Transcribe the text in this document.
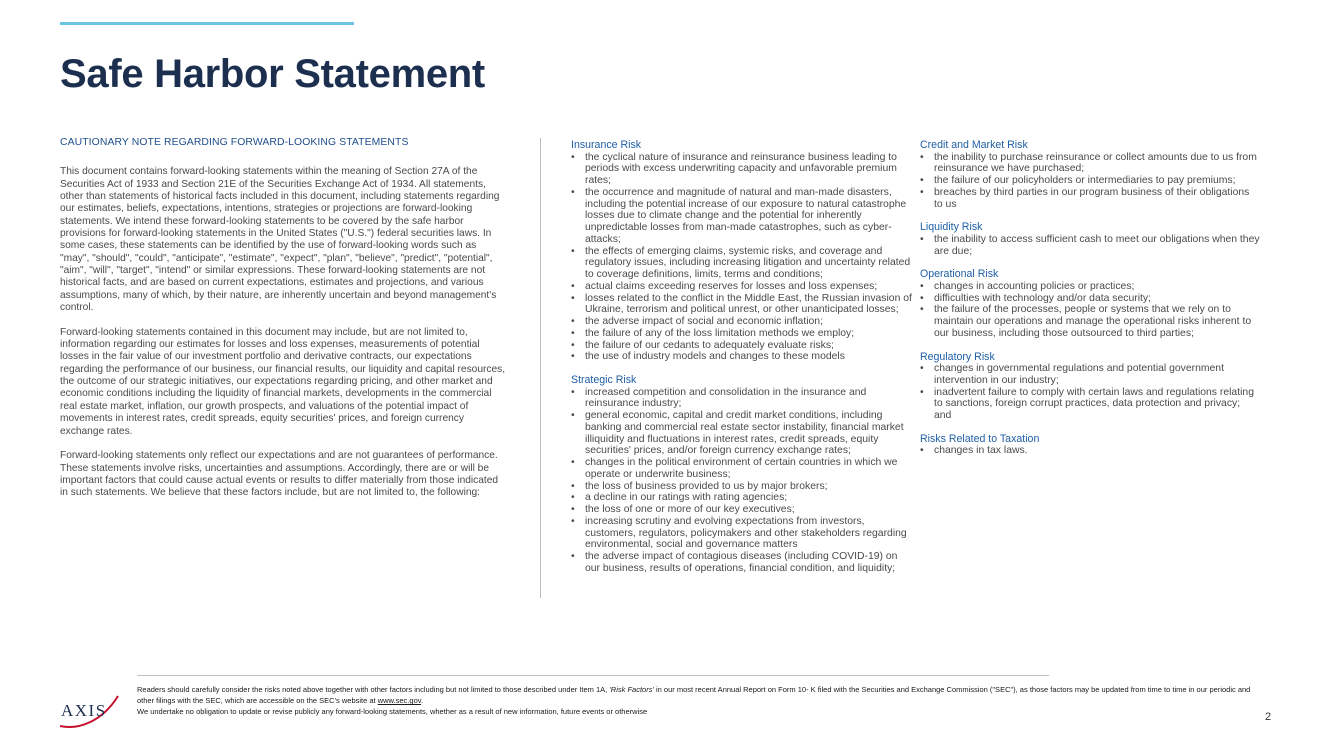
Safe Harbor Statement
CAUTIONARY NOTE REGARDING FORWARD-LOOKING STATEMENTS

This document contains forward-looking statements within the meaning of Section 27A of the Securities Act of 1933 and Section 21E of the Securities Exchange Act of 1934. All statements, other than statements of historical facts included in this document, including statements regarding our estimates, beliefs, expectations, intentions, strategies or projections are forward-looking statements. We intend these forward-looking statements to be covered by the safe harbor provisions for forward-looking statements in the United States ("U.S.") federal securities laws. In some cases, these statements can be identified by the use of forward-looking words such as "may", "should", "could", "anticipate", "estimate", "expect", "plan", "believe", "predict", "potential", "aim", "will", "target", "intend" or similar expressions. These forward-looking statements are not historical facts, and are based on current expectations, estimates and projections, and various assumptions, many of which, by their nature, are inherently uncertain and beyond management's control.

Forward-looking statements contained in this document may include, but are not limited to, information regarding our estimates for losses and loss expenses, measurements of potential losses in the fair value of our investment portfolio and derivative contracts, our expectations regarding the performance of our business, our financial results, our liquidity and capital resources, the outcome of our strategic initiatives, our expectations regarding pricing, and other market and economic conditions including the liquidity of financial markets, developments in the commercial real estate market, inflation, our growth prospects, and valuations of the potential impact of movements in interest rates, credit spreads, equity securities' prices, and foreign currency exchange rates.

Forward-looking statements only reflect our expectations and are not guarantees of performance. These statements involve risks, uncertainties and assumptions. Accordingly, there are or will be important factors that could cause actual events or results to differ materially from those indicated in such statements. We believe that these factors include, but are not limited to, the following:

Insurance Risk
• the cyclical nature of insurance and reinsurance business leading to periods with excess underwriting capacity and unfavorable premium rates;
• the occurrence and magnitude of natural and man-made disasters, including the potential increase of our exposure to natural catastrophe losses due to climate change and the potential for inherently unpredictable losses from man-made catastrophes, such as cyber-attacks;
• the effects of emerging claims, systemic risks, and coverage and regulatory issues, including increasing litigation and uncertainty related to coverage definitions, limits, terms and conditions;
• actual claims exceeding reserves for losses and loss expenses;
• losses related to the conflict in the Middle East, the Russian invasion of Ukraine, terrorism and political unrest, or other unanticipated losses;
• the adverse impact of social and economic inflation;
• the failure of any of the loss limitation methods we employ;
• the failure of our cedants to adequately evaluate risks;
• the use of industry models and changes to these models
Strategic Risk
• increased competition and consolidation in the insurance and reinsurance industry;
• general economic, capital and credit market conditions, including banking and commercial real estate sector instability, financial market illiquidity and fluctuations in interest rates, credit spreads, equity securities' prices, and/or foreign currency exchange rates;
• changes in the political environment of certain countries in which we operate or underwrite business;
• the loss of business provided to us by major brokers;
• a decline in our ratings with rating agencies;
• the loss of one or more of our key executives;
• increasing scrutiny and evolving expectations from investors, customers, regulators, policymakers and other stakeholders regarding environmental, social and governance matters
• the adverse impact of contagious diseases (including COVID-19) on our business, results of operations, financial condition, and liquidity;
Credit and Market Risk
• the inability to purchase reinsurance or collect amounts due to us from reinsurance we have purchased;
• the failure of our policyholders or intermediaries to pay premiums;
• breaches by third parties in our program business of their obligations to us
Liquidity Risk
• the inability to access sufficient cash to meet our obligations when they are due;
Operational Risk
• changes in accounting policies or practices;
• difficulties with technology and/or data security;
• the failure of the processes, people or systems that we rely on to maintain our operations and manage the operational risks inherent to our business, including those outsourced to third parties;
Regulatory Risk
• changes in governmental regulations and potential government intervention in our industry;
• inadvertent failure to comply with certain laws and regulations relating to sanctions, foreign corrupt practices, data protection and privacy; and
Risks Related to Taxation
• changes in tax laws.
AXIS

Readers should carefully consider the risks noted above together with other factors including but not limited to those described under Item 1A, 'Risk Factors' in our most recent Annual Report on Form 10- K filed with the Securities and Exchange Commission ("SEC"), as those factors may be updated from time to time in our periodic and other filings with the SEC, which are accessible on the SEC's website at www.sec.gov.

We undertake no obligation to update or revise publicly any forward-looking statements, whether as a result of new information, future events or otherwise	2
